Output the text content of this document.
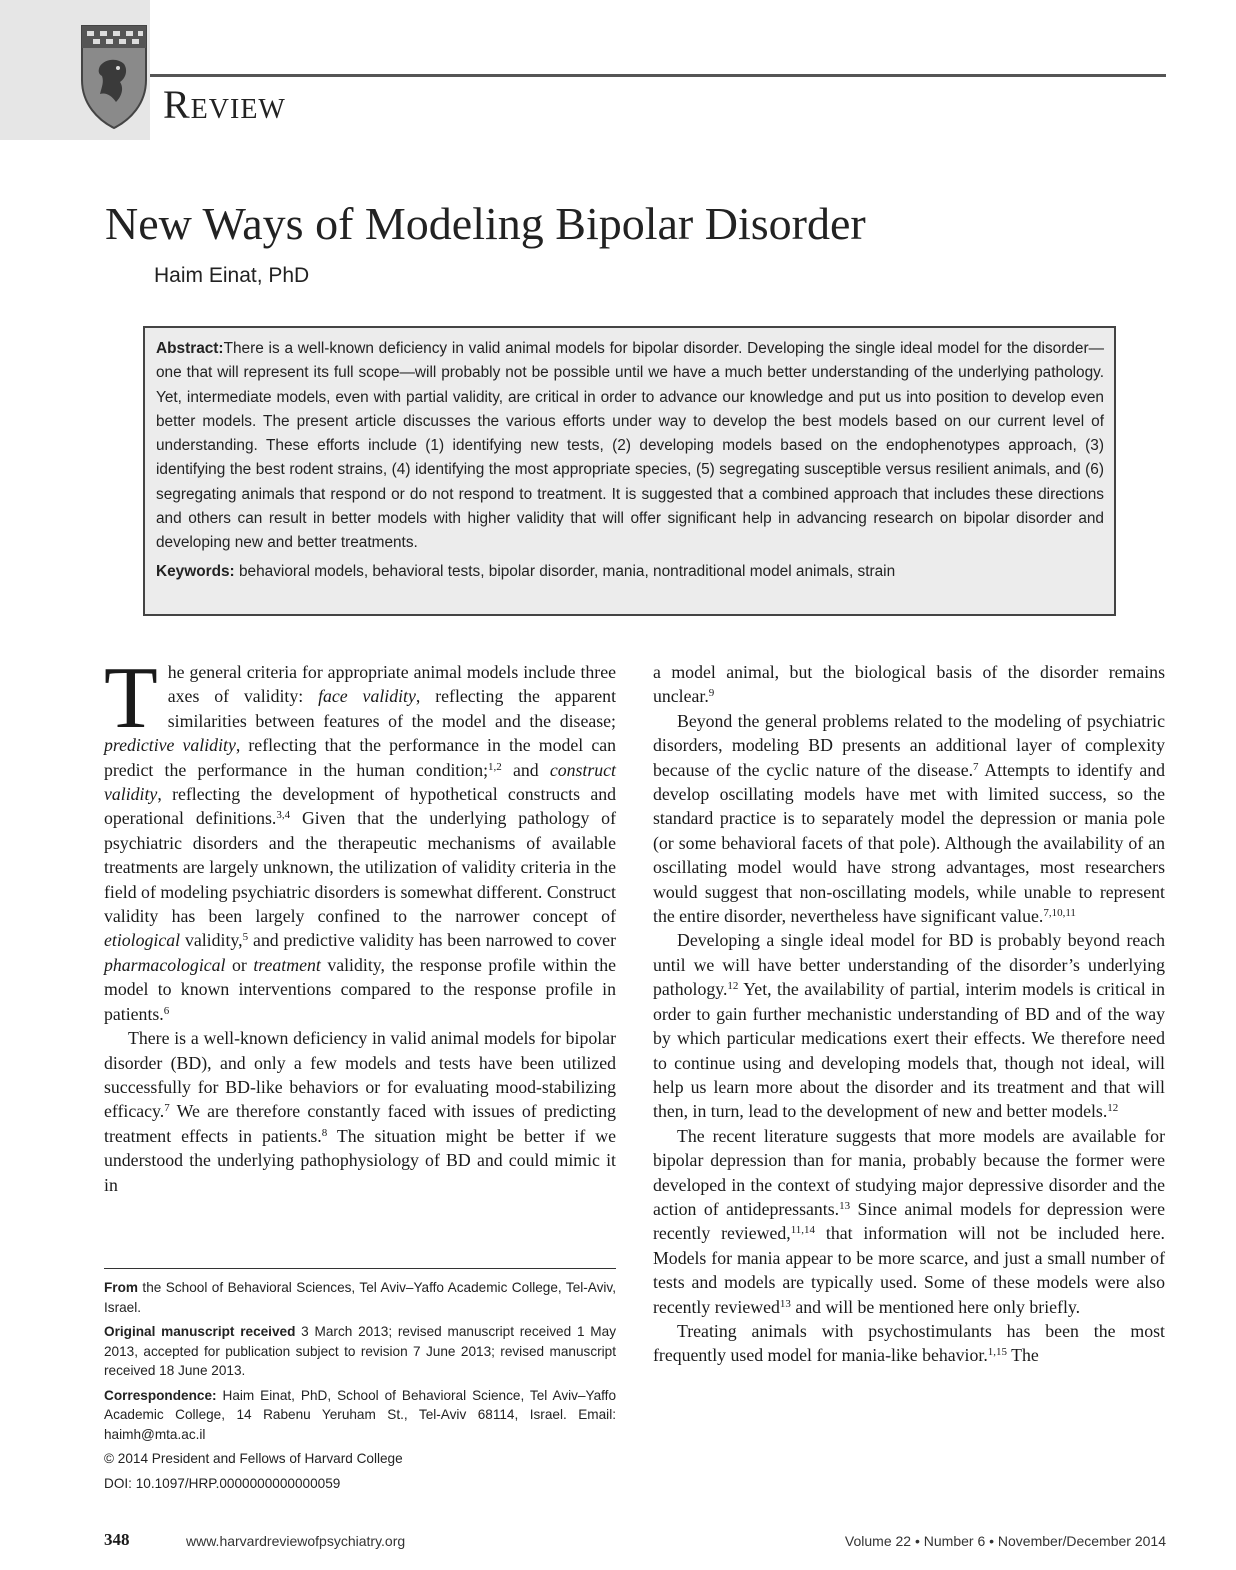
Review
New Ways of Modeling Bipolar Disorder
Haim Einat, PhD

Abstract:There is a well-known deficiency in valid animal models for bipolar disorder. Developing the single ideal model for the disorder—one that will represent its full scope—will probably not be possible until we have a much better understanding of the underlying pathology. Yet, intermediate models, even with partial validity, are critical in order to advance our knowledge and put us into position to develop even better models. The present article discusses the various efforts under way to develop the best models based on our current level of understanding. These efforts include (1) identifying new tests, (2) developing models based on the endophenotypes approach, (3) identifying the best rodent strains, (4) identifying the most appropriate species, (5) segregating susceptible versus resilient animals, and (6) segregating animals that respond or do not respond to treatment. It is suggested that a combined approach that includes these directions and others can result in better models with higher validity that will offer significant help in advancing research on bipolar disorder and developing new and better treatments.

Keywords: behavioral models, behavioral tests, bipolar disorder, mania, nontraditional model animals, strain

The general criteria for appropriate animal models include three axes of validity: face validity, reflecting the apparent similarities between features of the model and the disease; predictive validity, reflecting that the performance in the model can predict the performance in the human condition;$^{1,2}$ and construct validity, reflecting the development of hypothetical constructs and operational definitions.$^{3,4}$ Given that the underlying pathology of psychiatric disorders and the therapeutic mechanisms of available treatments are largely unknown, the utilization of validity criteria in the field of modeling psychiatric disorders is somewhat different. Construct validity has been largely confined to the narrower concept of etiological validity,$^5$ and predictive validity has been narrowed to cover pharmacological or treatment validity, the response profile within the model to known interventions compared to the response profile in patients.$^6$

There is a well-known deficiency in valid animal models for bipolar disorder (BD), and only a few models and tests have been utilized successfully for BD-like behaviors or for evaluating mood-stabilizing efficacy.$^7$ We are therefore constantly faced with issues of predicting treatment effects in patients.$^8$ The situation might be better if we understood the underlying pathophysiology of BD and could mimic it in

a model animal, but the biological basis of the disorder remains unclear.$^9$

Beyond the general problems related to the modeling of psychiatric disorders, modeling BD presents an additional layer of complexity because of the cyclic nature of the disease.$^7$ Attempts to identify and develop oscillating models have met with limited success, so the standard practice is to separately model the depression or mania pole (or some behavioral facets of that pole). Although the availability of an oscillating model would have strong advantages, most researchers would suggest that non-oscillating models, while unable to represent the entire disorder, nevertheless have significant value.$^{7,10,11}$

Developing a single ideal model for BD is probably beyond reach until we will have better understanding of the disorder’s underlying pathology.$^{12}$ Yet, the availability of partial, interim models is critical in order to gain further mechanistic understanding of BD and of the way by which particular medications exert their effects. We therefore need to continue using and developing models that, though not ideal, will help us learn more about the disorder and its treatment and that will then, in turn, lead to the development of new and better models.$^{12}$

The recent literature suggests that more models are available for bipolar depression than for mania, probably because the former were developed in the context of studying major depressive disorder and the action of antidepressants.$^{13}$ Since animal models for depression were recently reviewed,$^{11,14}$ that information will not be included here. Models for mania appear to be more scarce, and just a small number of tests and models are typically used. Some of these models were also recently reviewed$^{13}$ and will be mentioned here only briefly.

Treating animals with psychostimulants has been the most frequently used model for mania-like behavior.$^{1,15}$ The

From the School of Behavioral Sciences, Tel Aviv–Yaffo Academic College, Tel-Aviv, Israel.

Original manuscript received 3 March 2013; revised manuscript received 1 May 2013, accepted for publication subject to revision 7 June 2013; revised manuscript received 18 June 2013.

Correspondence: Haim Einat, PhD, School of Behavioral Science, Tel Aviv–Yaffo Academic College, 14 Rabenu Yeruham St., Tel-Aviv 68114, Israel. Email: haimh@mta.ac.il

© 2014 President and Fellows of Harvard College

DOI: 10.1097/HRP.0000000000000059

348	www.harvardreviewofpsychiatry.org	Volume 22 • Number 6 • November/December 2014
